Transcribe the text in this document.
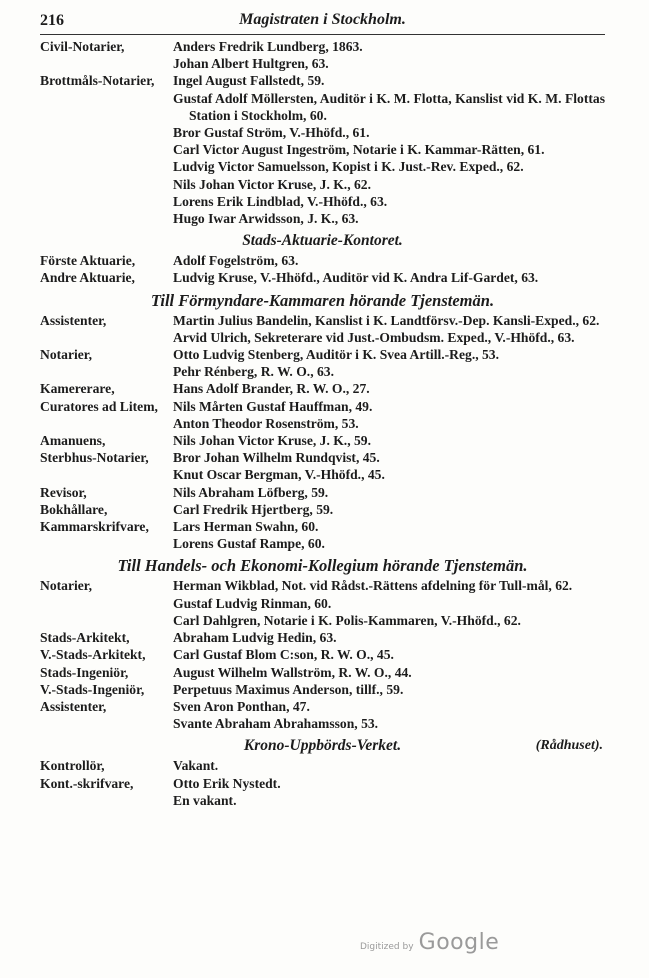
216	Magistraten i Stockholm.
Civil-Notarier,	Anders Fredrik Lundberg, 1863.
Johan Albert Hultgren, 63.
Brottmåls-Notarier,	Ingel August Fallstedt, 59.
Gustaf Adolf Möllersten, Auditör i K. M. Flotta, Kanslist vid K. M. Flottas Station i Stockholm, 60.
Bror Gustaf Ström, V.-Hhöfd., 61.
Carl Victor August Ingeström, Notarie i K. Kammar-Rätten, 61.
Ludvig Victor Samuelsson, Kopist i K. Just.-Rev. Exped., 62.
Nils Johan Victor Kruse, J. K., 62.
Lorens Erik Lindblad, V.-Hhöfd., 63.
Hugo Iwar Arwidsson, J. K., 63.
Stads-Aktuarie-Kontoret.
Förste Aktuarie,	Adolf Fogelström, 63.
Andre Aktuarie,	Ludvig Kruse, V.-Hhöfd., Auditör vid K. Andra Lif-Gardet, 63.
Till Förmyndare-Kammaren hörande Tjenstemän.
Assistenter,	Martin Julius Bandelin, Kanslist i K. Landtförsv.-Dep. Kansli-Exped., 62.
Arvid Ulrich, Sekreterare vid Just.-Ombudsm. Exped., V.-Hhöfd., 63.
Notarier,	Otto Ludvig Stenberg, Auditör i K. Svea Artill.-Reg., 53.
Pehr Rénberg, R. W. O., 63.
Kamererare,	Hans Adolf Brander, R. W. O., 27.
Curatores ad Litem,	Nils Mårten Gustaf Hauffman, 49.
Anton Theodor Rosenström, 53.
Amanuens,	Nils Johan Victor Kruse, J. K., 59.
Sterbhus-Notarier,	Bror Johan Wilhelm Rundqvist, 45.
Knut Oscar Bergman, V.-Hhöfd., 45.
Revisor,	Nils Abraham Löfberg, 59.
Bokhållare,	Carl Fredrik Hjertberg, 59.
Kammarskrifvare,	Lars Herman Swahn, 60.
Lorens Gustaf Rampe, 60.
Till Handels- och Ekonomi-Kollegium hörande Tjenstemän.
Notarier,	Herman Wikblad, Not. vid Rådst.-Rättens afdelning för Tull-mål, 62.
Gustaf Ludvig Rinman, 60.
Carl Dahlgren, Notarie i K. Polis-Kammaren, V.-Hhöfd., 62.
Stads-Arkitekt,	Abraham Ludvig Hedin, 63.
V.-Stads-Arkitekt,	Carl Gustaf Blom C:son, R. W. O., 45.
Stads-Ingeniör,	August Wilhelm Wallström, R. W. O., 44.
V.-Stads-Ingeniör,	Perpetuus Maximus Anderson, tillf., 59.
Assistenter,	Sven Aron Ponthan, 47.
Svante Abraham Abrahamsson, 53.
Krono-Uppbörds-Verket.	(Rådhuset).
Kontrollör,	Vakant.
Kont.-skrifvare,	Otto Erik Nystedt.
En vakant.
Digitized by Google
